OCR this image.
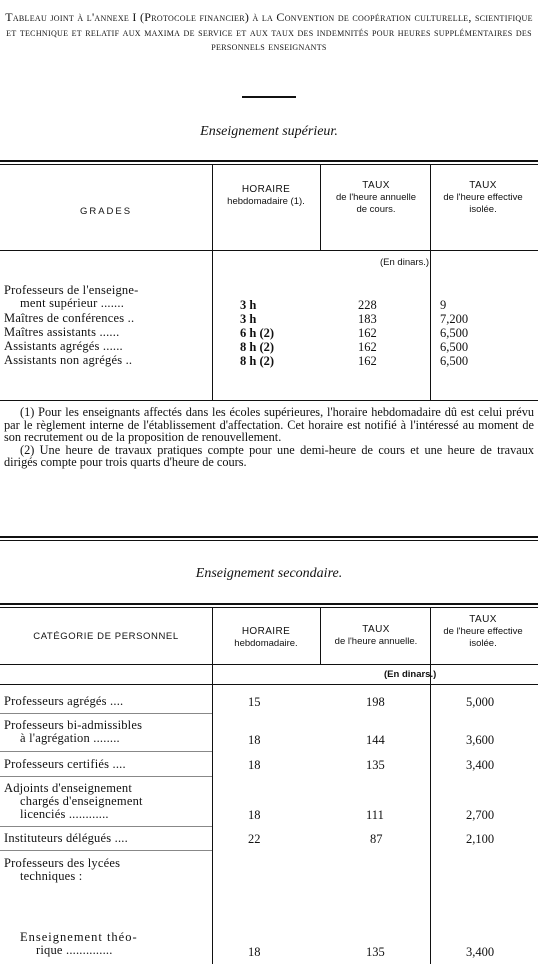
Tableau joint à l'annexe I (Protocole financier) à la Convention de coopération culturelle, scientifique et technique et relatif aux maxima de service et aux taux des indemnités pour heures supplémentaires des personnels enseignants
Enseignement supérieur.
GRADES
HORAIRE
hebdomadaire (1).
TAUX
de l'heure annuelle de cours.
TAUX
de l'heure effective isolée.
(En dinars.)
Professeurs de l'enseigne-
ment supérieur .......	3 h	228	9
Maîtres de conférences ..	3 h	183	7,200
Maîtres assistants ......	6 h (2)	162	6,500
Assistants agrégés ......	8 h (2)	162	6,500
Assistants non agrégés ..	8 h (2)	162	6,500

(1) Pour les enseignants affectés dans les écoles supérieures, l'horaire hebdomadaire dû est celui prévu par le règlement interne de l'établissement d'affectation. Cet horaire est notifié à l'intéressé au moment de son recrutement ou de la proposition de renouvellement.

(2) Une heure de travaux pratiques compte pour une demi-heure de cours et une heure de travaux dirigés compte pour trois quarts d'heure de cours.

Enseignement secondaire.
CATÉGORIE DE PERSONNEL	HORAIRE
hebdomadaire.
TAUX
de l'heure annuelle.
TAUX
de l'heure effective isolée.
(En dinars.)
Professeurs agrégés ....	15	198	5,000
Professeurs bi-admissibles
à l'agrégation ........	18	144	3,600
Professeurs certifiés ....	18	135	3,400
Adjoints d'enseignement
chargés d'enseignement
licenciés ............	18	111	2,700
Instituteurs délégués ....	22	87	2,100
Professeurs des lycées
techniques :
Enseignement théo-
rique ..............	18	135	3,400
